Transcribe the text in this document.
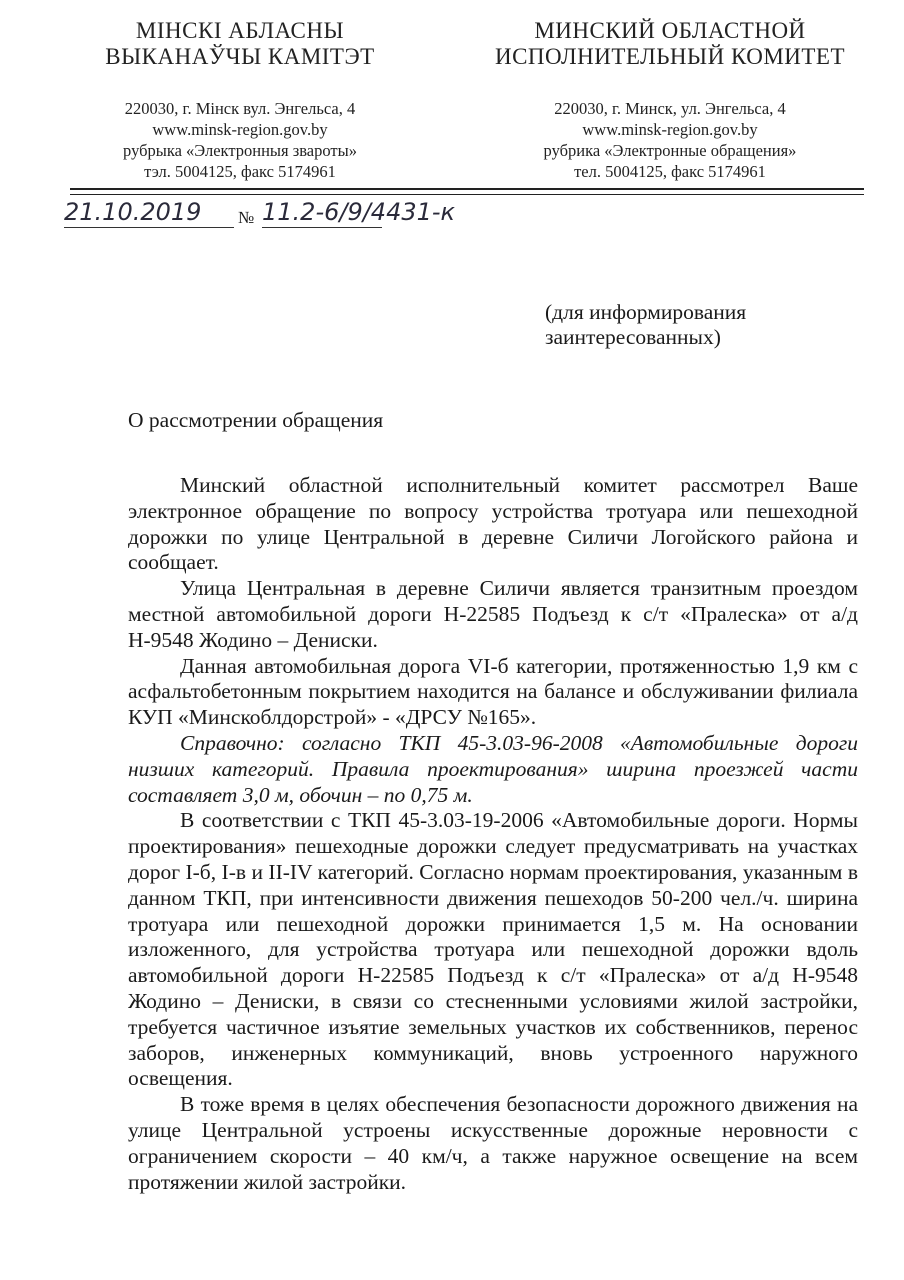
МІНСКІ АБЛАСНЫ
ВЫКАНАЎЧЫ КАМІТЭТ
220030, г. Мінск вул. Энгельса, 4
www.minsk-region.gov.by
рубрыка «Электронныя звароты»
тэл. 5004125, факс 5174961
МИНСКИЙ ОБЛАСТНОЙ
ИСПОЛНИТЕЛЬНЫЙ КОМИТЕТ
220030, г. Минск, ул. Энгельса, 4
www.minsk-region.gov.by
рубрика «Электронные обращения»
тел. 5004125, факс 5174961
21.10.2019 № 11.2-6/9/4431-к
(для информирования
заинтересованных)
О рассмотрении обращения

Минский областной исполнительный комитет рассмотрел Ваше электронное обращение по вопросу устройства тротуара или пешеходной дорожки по улице Центральной в деревне Силичи Логойского района и сообщает.

Улица Центральная в деревне Силичи является транзитным проездом местной автомобильной дороги Н-22585 Подъезд к с/т «Пралеска» от а/д Н-9548 Жодино – Дениски.

Данная автомобильная дорога VI-б категории, протяженностью 1,9 км с асфальтобетонным покрытием находится на балансе и обслуживании филиала КУП «Минскоблдорстрой» - «ДРСУ №165».

Справочно: согласно ТКП 45-3.03-96-2008 «Автомобильные дороги низших категорий. Правила проектирования» ширина проезжей части составляет 3,0 м, обочин – по 0,75 м.

В соответствии с ТКП 45-3.03-19-2006 «Автомобильные дороги. Нормы проектирования» пешеходные дорожки следует предусматривать на участках дорог I-б, I-в и II-IV категорий. Согласно нормам проектирования, указанным в данном ТКП, при интенсивности движения пешеходов 50-200 чел./ч. ширина тротуара или пешеходной дорожки принимается 1,5 м. На основании изложенного, для устройства тротуара или пешеходной дорожки вдоль автомобильной дороги Н-22585 Подъезд к с/т «Пралеска» от а/д Н-9548 Жодино – Дениски, в связи со стесненными условиями жилой застройки, требуется частичное изъятие земельных участков их собственников, перенос заборов, инженерных коммуникаций, вновь устроенного наружного освещения.

В тоже время в целях обеспечения безопасности дорожного движения на улице Центральной устроены искусственные дорожные неровности с ограничением скорости – 40 км/ч, а также наружное освещение на всем протяжении жилой застройки.
